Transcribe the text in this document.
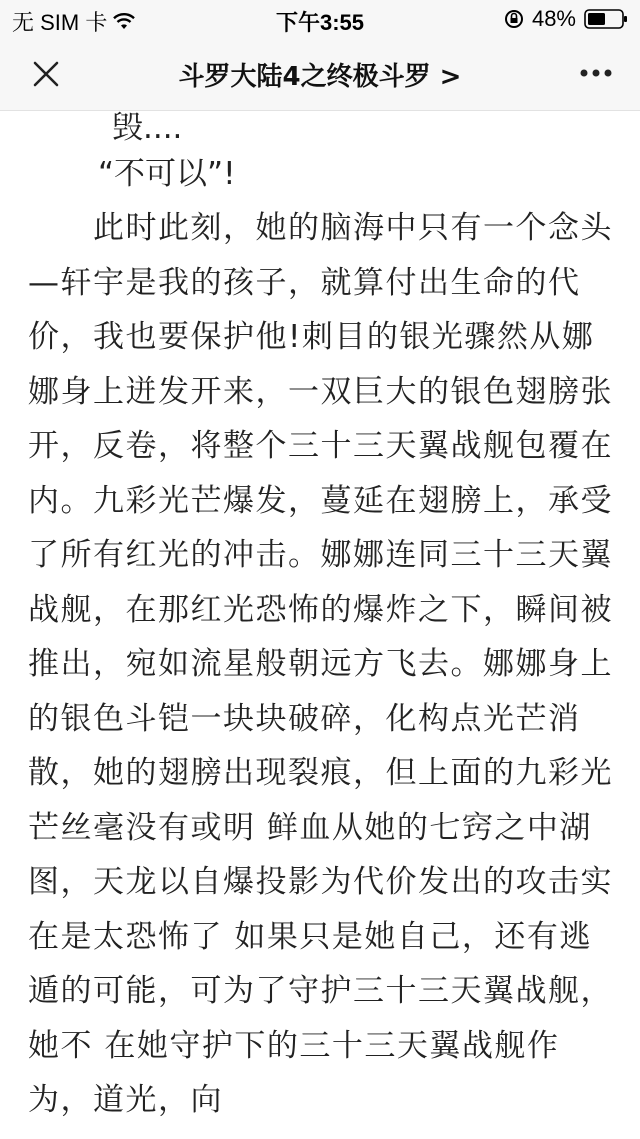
无 SIM 卡	下午3:55	48%
斗罗大陆4之终极斗罗 >
毁....
“不可以”!
此时此刻，她的脑海中只有一个念头—轩宇是我的孩子，就算付出生命的代价，我也要保护他!刺目的银光骤然从娜娜身上迸发开来，一双巨大的银色翅膀张开，反卷，将整个三十三天翼战舰包覆在内。九彩光芒爆发，蔓延在翅膀上，承受了所有红光的冲击。娜娜连同三十三天翼战舰，在那红光恐怖的爆炸之下，瞬间被推出，宛如流星般朝远方飞去。娜娜身上的银色斗铠一块块破碎，化构点光芒消散，她的翅膀出现裂痕，但上面的九彩光芒丝毫没有或明 鲜血从她的七窍之中湖图，天龙以自爆投影为代价发出的攻击实在是太恐怖了 如果只是她自己，还有逃遁的可能，可为了守护三十三天翼战舰，她不 在她守护下的三十三天翼战舰作为，道光，向
